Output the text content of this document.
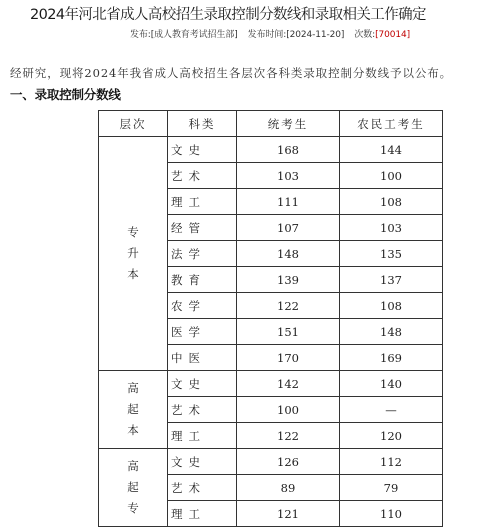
2024年河北省成人高校招生录取控制分数线和录取相关工作确定
发布:[成人教育考试招生部] 发布时间:[2024-11-20] 次数:[70014]
经研究，现将2024年我省成人高校招生各层次各科类录取控制分数线予以公布。
一、录取控制分数线
层次	科类	统考生	农民工考生
专升本	文史	168	144
	艺术	103	100
	理工	111	108
	经管	107	103
	法学	148	135
	教育	139	137
	农学	122	108
	医学	151	148
	中医	170	169
高起本	文史	142	140
	艺术	100	—
	理工	122	120
高起专	文史	126	112
	艺术	89	79
	理工	121	110
